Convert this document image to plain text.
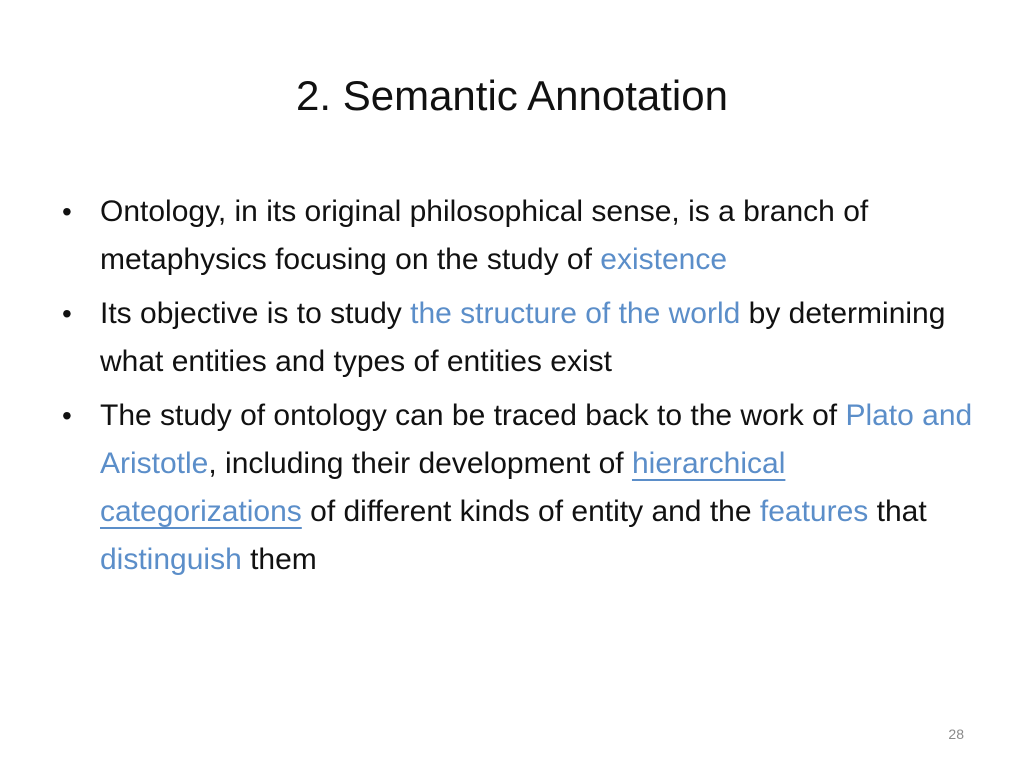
2. Semantic Annotation
• Ontology, in its original philosophical sense, is a branch of metaphysics focusing on the study of existence
• Its objective is to study the structure of the world by determining what entities and types of entities exist
• The study of ontology can be traced back to the work of Plato and Aristotle, including their development of hierarchical categorizations of different kinds of entity and the features that distinguish them
28
